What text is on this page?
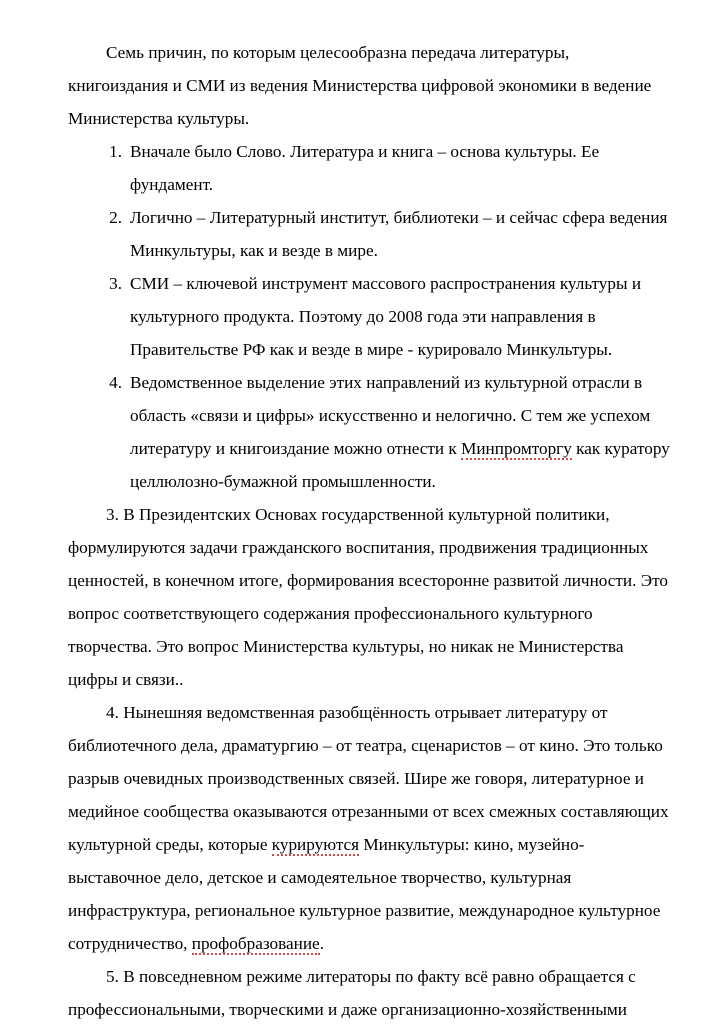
Семь причин, по которым целесообразна передача литературы, книгоиздания и СМИ из ведения Министерства цифровой экономики в ведение Министерства культуры.

1. Вначале было Слово. Литература и книга – основа культуры. Ее фундамент.
2. Логично – Литературный институт, библиотеки – и сейчас сфера ведения Минкультуры, как и везде в мире.
3. СМИ – ключевой инструмент массового распространения культуры и культурного продукта. Поэтому до 2008 года эти направления в Правительстве РФ как и везде в мире - курировало Минкультуры.
4. Ведомственное выделение этих направлений из культурной отрасли в область «связи и цифры» искусственно и нелогично. С тем же успехом литературу и книгоиздание можно отнести к Минпромторгу как куратору целлюлозно-бумажной промышленности.

3. В Президентских Основах государственной культурной политики, формулируются задачи гражданского воспитания, продвижения традиционных ценностей, в конечном итоге, формирования всесторонне развитой личности. Это вопрос соответствующего содержания профессионального культурного творчества. Это вопрос Министерства культуры, но никак не Министерства цифры и связи..

4. Нынешняя ведомственная разобщённость отрывает литературу от библиотечного дела, драматургию – от театра, сценаристов – от кино. Это только разрыв очевидных производственных связей. Шире же говоря, литературное и медийное сообщества оказываются отрезанными от всех смежных составляющих культурной среды, которые курируются Минкультуры: кино, музейно-выставочное дело, детское и самодеятельное творчество, культурная инфраструктура, региональное культурное развитие, международное культурное сотрудничество, профобразование.

5. В повседневном режиме литераторы по факту всё равно обращается с профессиональными, творческими и даже организационно-хозяйственными
